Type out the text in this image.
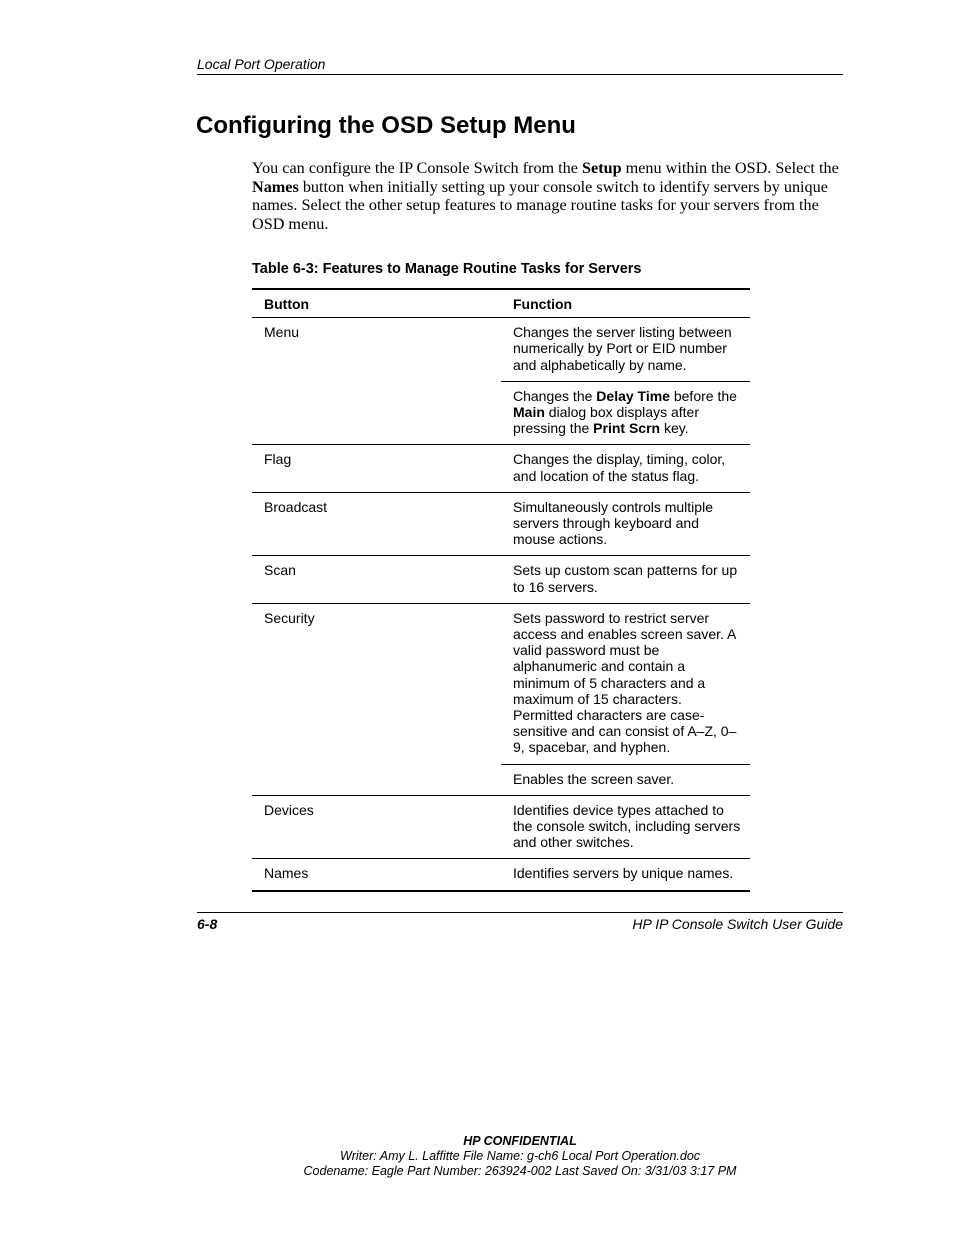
Local Port Operation
Configuring the OSD Setup Menu

You can configure the IP Console Switch from the Setup menu within the OSD. Select the Names button when initially setting up your console switch to identify servers by unique names. Select the other setup features to manage routine tasks for your servers from the OSD menu.

Table 6-3: Features to Manage Routine Tasks for Servers

Button	Function
Menu	Changes the server listing between numerically by Port or EID number and alphabetically by name.
	Changes the Delay Time before the Main dialog box displays after pressing the Print Scrn key.
Flag	Changes the display, timing, color, and location of the status flag.
Broadcast	Simultaneously controls multiple servers through keyboard and mouse actions.
Scan	Sets up custom scan patterns for up to 16 servers.
Security	Sets password to restrict server access and enables screen saver. A valid password must be alphanumeric and contain a minimum of 5 characters and a maximum of 15 characters. Permitted characters are case-sensitive and can consist of A–Z, 0–9, spacebar, and hyphen.
	Enables the screen saver.
Devices	Identifies device types attached to the console switch, including servers and other switches.
Names	Identifies servers by unique names.
6-8	HP IP Console Switch User Guide
HP CONFIDENTIAL
Writer: Amy L. Laffitte File Name: g-ch6 Local Port Operation.doc
Codename: Eagle Part Number: 263924-002 Last Saved On: 3/31/03 3:17 PM
